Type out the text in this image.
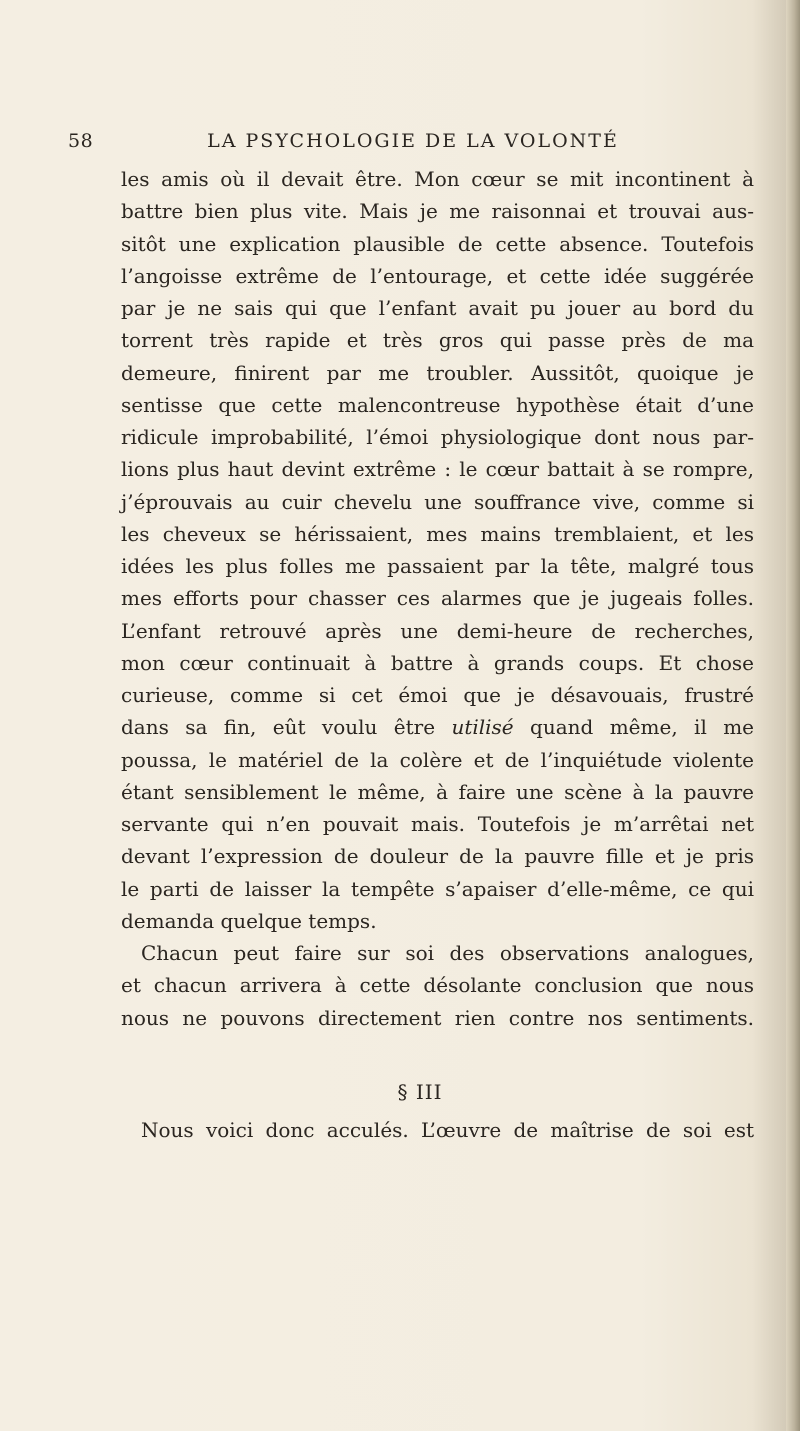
58	LA PSYCHOLOGIE DE LA VOLONTÉ
les amis où il devait être. Mon cœur se mit incontinent à
battre bien plus vite. Mais je me raisonnai et trouvai aus-
sitôt une explication plausible de cette absence. Toutefois
l’angoisse extrême de l’entourage, et cette idée suggérée
par je ne sais qui que l’enfant avait pu jouer au bord du
torrent très rapide et très gros qui passe près de ma
demeure, finirent par me troubler. Aussitôt, quoique je
sentisse que cette malencontreuse hypothèse était d’une
ridicule improbabilité, l’émoi physiologique dont nous par-
lions plus haut devint extrême : le cœur battait à se rompre,
j’éprouvais au cuir chevelu une souffrance vive, comme si
les cheveux se hérissaient, mes mains tremblaient, et les
idées les plus folles me passaient par la tête, malgré tous
mes efforts pour chasser ces alarmes que je jugeais folles.
L’enfant retrouvé après une demi-heure de recherches,
mon cœur continuait à battre à grands coups. Et chose
curieuse, comme si cet émoi que je désavouais, frustré
dans sa fin, eût voulu être utilisé quand même, il me
poussa, le matériel de la colère et de l’inquiétude violente
étant sensiblement le même, à faire une scène à la pauvre
servante qui n’en pouvait mais. Toutefois je m’arrêtai net
devant l’expression de douleur de la pauvre fille et je pris
le parti de laisser la tempête s’apaiser d’elle-même, ce qui
demanda quelque temps.
Chacun peut faire sur soi des observations analogues,
et chacun arrivera à cette désolante conclusion que nous
nous ne pouvons directement rien contre nos sentiments.
§ III
Nous voici donc acculés. L’œuvre de maîtrise de soi est
